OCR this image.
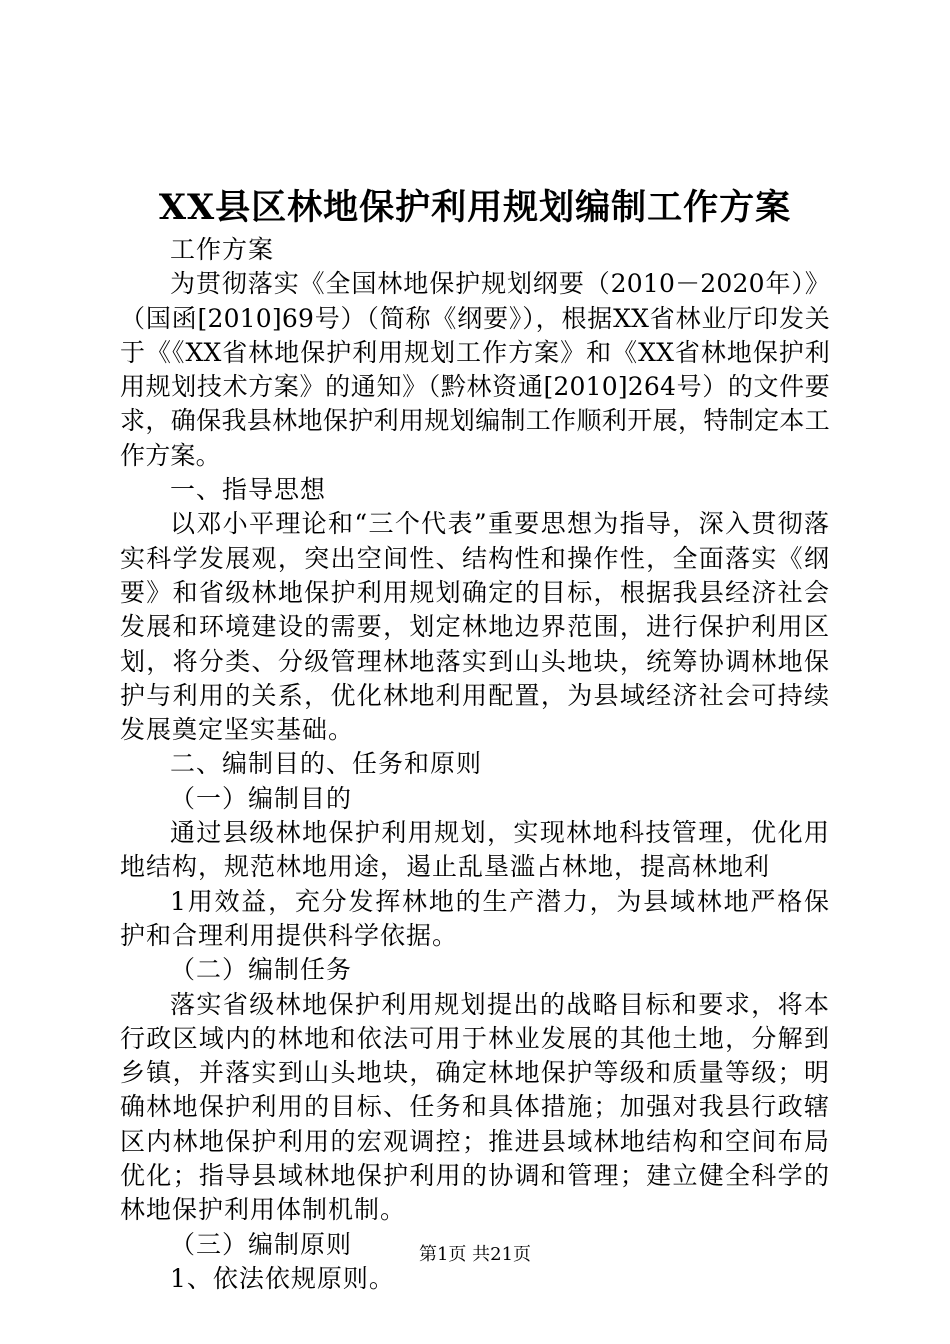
XX县区林地保护利用规划编制工作方案

工作方案

为贯彻落实《全国林地保护规划纲要（2010－2020年）》（国函[2010]69号）（简称《纲要》），根据XX省林业厅印发关于《《XX省林地保护利用规划工作方案》和《XX省林地保护利用规划技术方案》的通知》（黔林资通[2010]264号）的文件要求，确保我县林地保护利用规划编制工作顺利开展，特制定本工作方案。

一、指导思想

以邓小平理论和“三个代表”重要思想为指导，深入贯彻落实科学发展观，突出空间性、结构性和操作性，全面落实《纲要》和省级林地保护利用规划确定的目标，根据我县经济社会发展和环境建设的需要，划定林地边界范围，进行保护利用区划，将分类、分级管理林地落实到山头地块，统筹协调林地保护与利用的关系，优化林地利用配置，为县域经济社会可持续发展奠定坚实基础。

二、编制目的、任务和原则

（一）编制目的

通过县级林地保护利用规划，实现林地科技管理，优化用地结构，规范林地用途，遏止乱垦滥占林地，提高林地利

1用效益，充分发挥林地的生产潜力，为县域林地严格保护和合理利用提供科学依据。

（二）编制任务

落实省级林地保护利用规划提出的战略目标和要求，将本行政区域内的林地和依法可用于林业发展的其他土地，分解到乡镇，并落实到山头地块，确定林地保护等级和质量等级；明确林地保护利用的目标、任务和具体措施；加强对我县行政辖区内林地保护利用的宏观调控；推进县域林地结构和空间布局优化；指导县域林地保护利用的协调和管理；建立健全科学的林地保护利用体制机制。

（三）编制原则

1、依法依规原则。

第1页 共21页
